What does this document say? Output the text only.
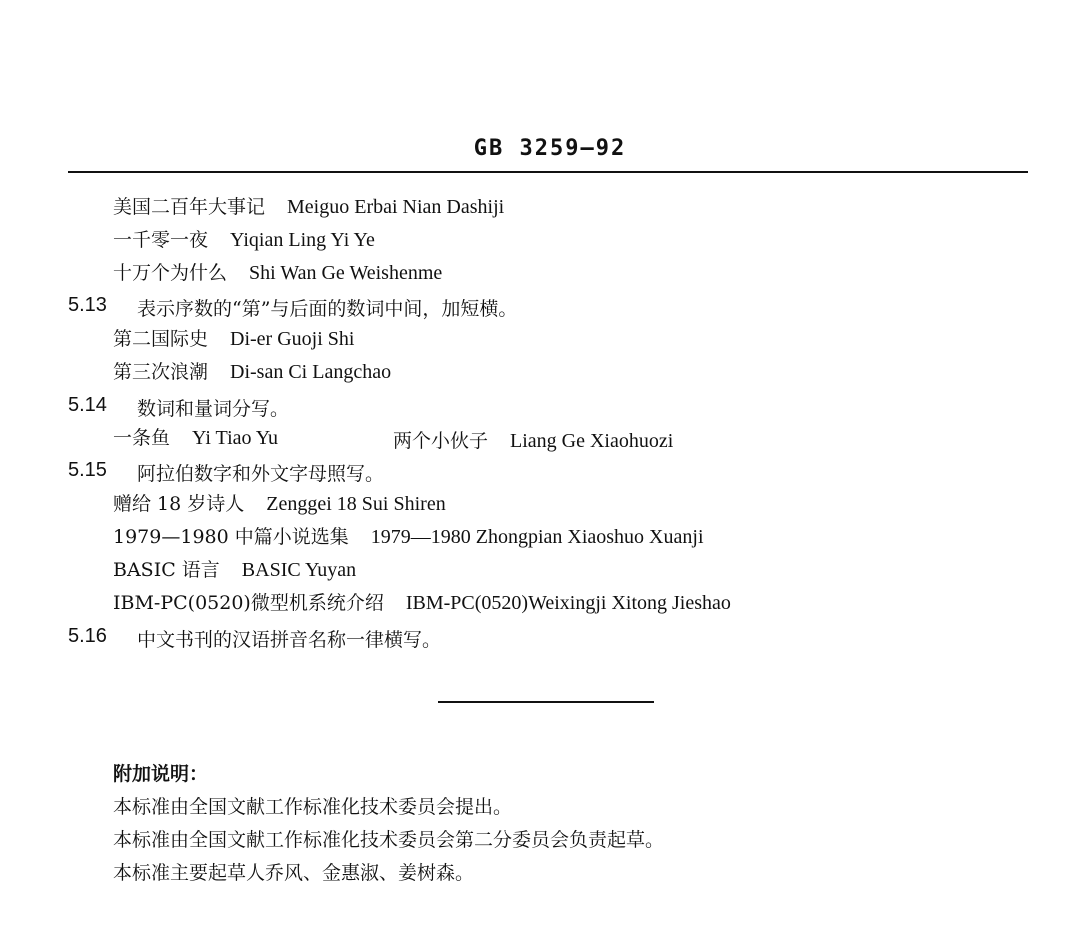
GB 3259—92
美国二百年大事记 Meiguo Erbai Nian Dashiji
一千零一夜 Yiqian Ling Yi Ye
十万个为什么 Shi Wan Ge Weishenme
5.13	表示序数的“第”与后面的数词中间，加短横。
第二国际史 Di-er Guoji Shi
第三次浪潮 Di-san Ci Langchao
5.14	数词和量词分写。
一条鱼 Yi Tiao Yu	两个小伙子 Liang Ge Xiaohuozi
5.15	阿拉伯数字和外文字母照写。
赠给 18 岁诗人 Zenggei 18 Sui Shiren
1979—1980 中篇小说选集 1979—1980 Zhongpian Xiaoshuo Xuanji
BASIC 语言 BASIC Yuyan
IBM-PC(0520)微型机系统介绍 IBM-PC(0520)Weixingji Xitong Jieshao
5.16	中文书刊的汉语拼音名称一律横写。
附加说明：
本标准由全国文献工作标准化技术委员会提出。
本标准由全国文献工作标准化技术委员会第二分委员会负责起草。
本标准主要起草人乔风、金惠淑、姜树森。
